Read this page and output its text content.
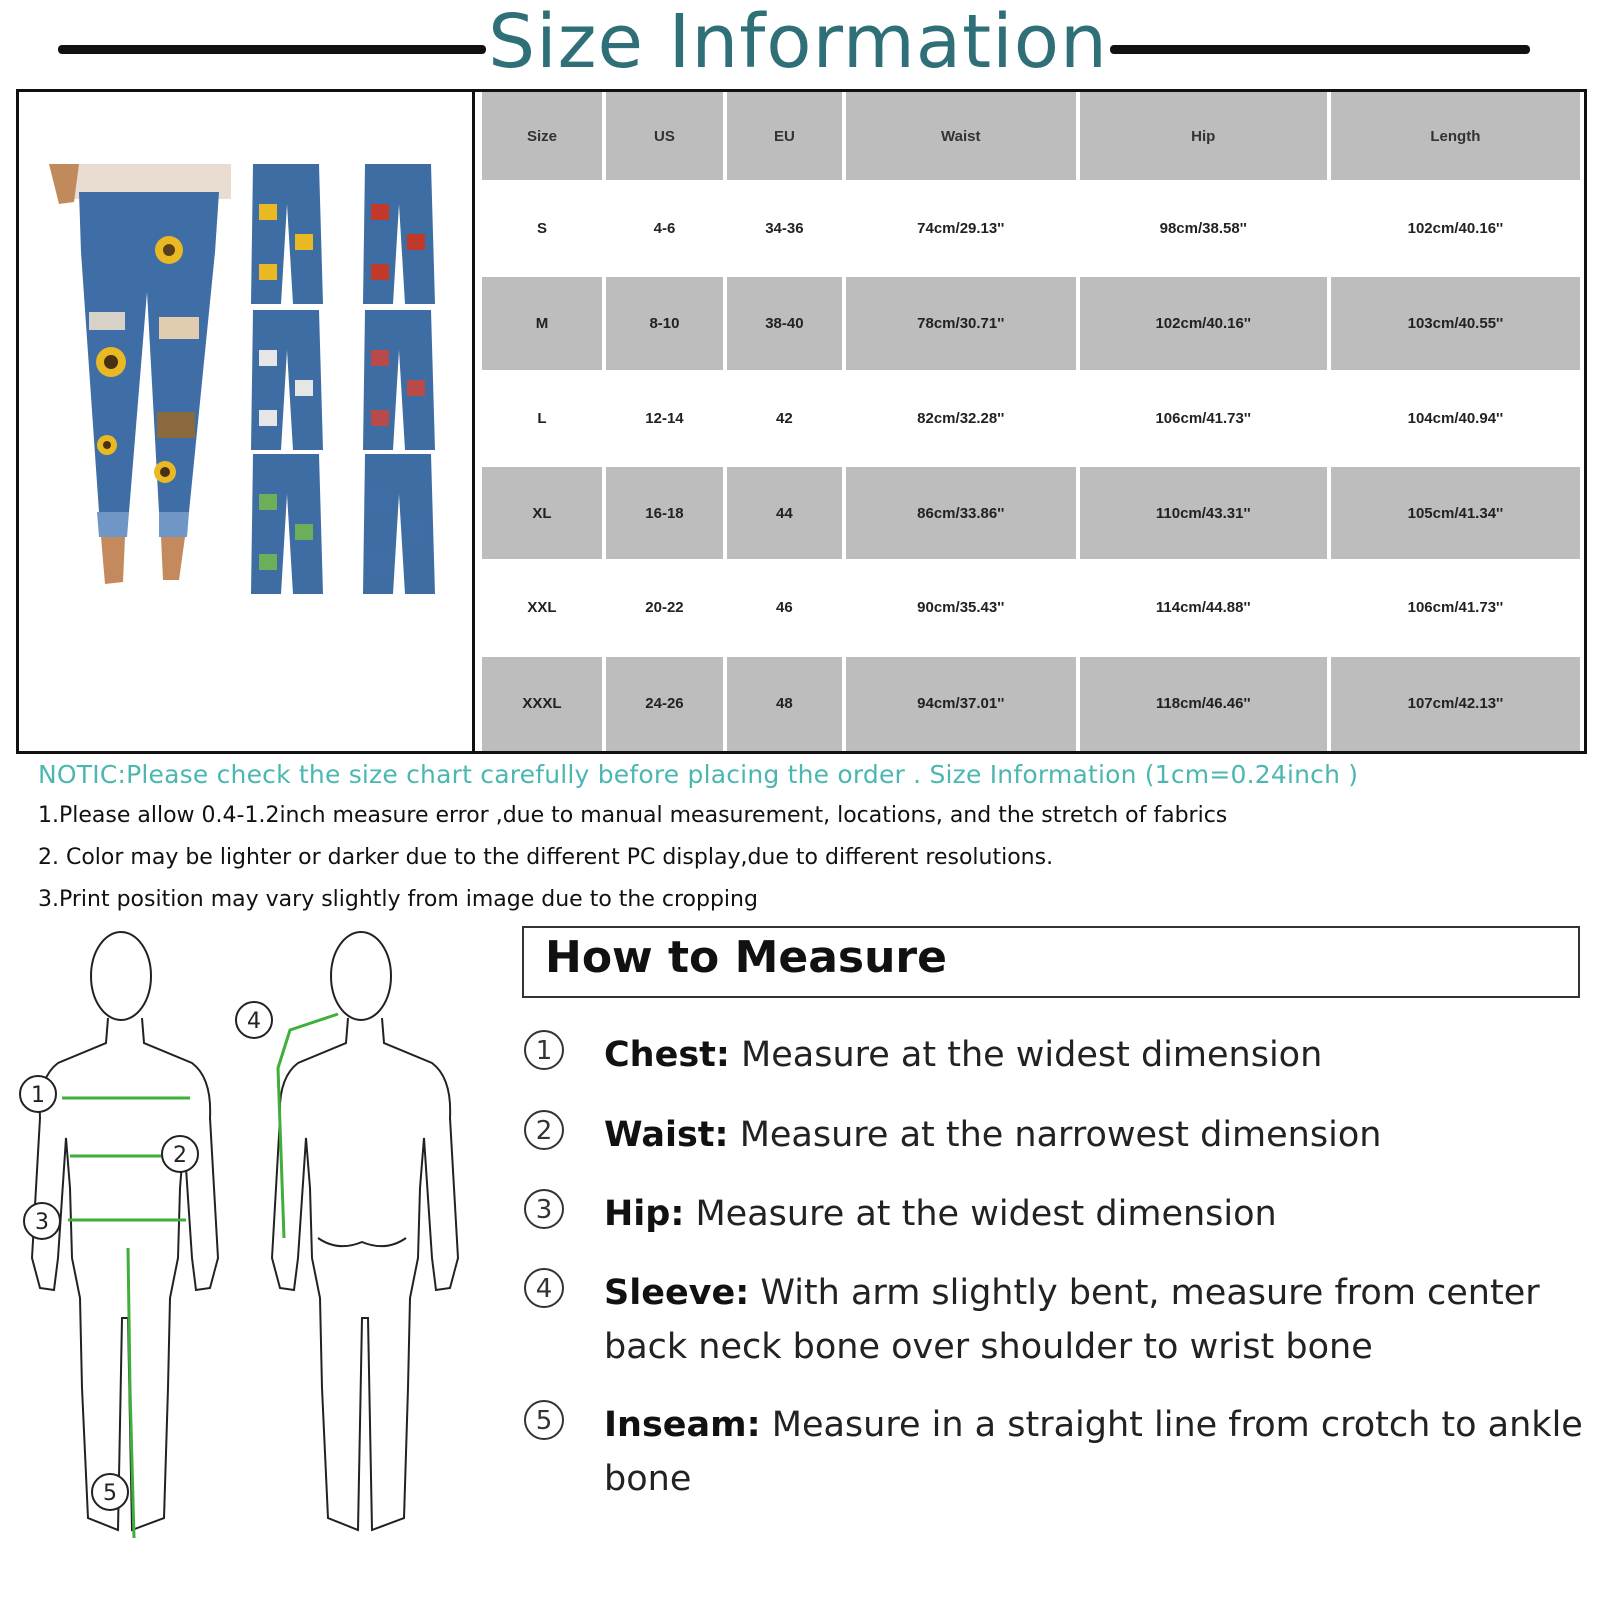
Size Information
Size	US	EU	Waist	Hip	Length
S	4-6	34-36	74cm/29.13''	98cm/38.58''	102cm/40.16''
M	8-10	38-40	78cm/30.71''	102cm/40.16''	103cm/40.55''
L	12-14	42	82cm/32.28''	106cm/41.73''	104cm/40.94''
XL	16-18	44	86cm/33.86''	110cm/43.31''	105cm/41.34''
XXL	20-22	46	90cm/35.43''	114cm/44.88''	106cm/41.73''
XXXL	24-26	48	94cm/37.01''	118cm/46.46''	107cm/42.13''
NOTIC:Please check the size chart carefully before placing the order . Size Information (1cm=0.24inch )
1.Please allow 0.4-1.2inch measure error ,due to manual measurement, locations, and the stretch of fabrics
2. Color may be lighter or darker due to the different PC display,due to different resolutions.
3.Print position may vary slightly from image due to the cropping
1
2
3
4
5
How to Measure
1	Chest: Measure at the widest dimension
2	Waist: Measure at the narrowest dimension
3	Hip: Measure at the widest dimension
4	Sleeve: With arm slightly bent, measure from center back neck bone over shoulder to wrist bone
5	Inseam: Measure in a straight line from crotch to ankle bone
